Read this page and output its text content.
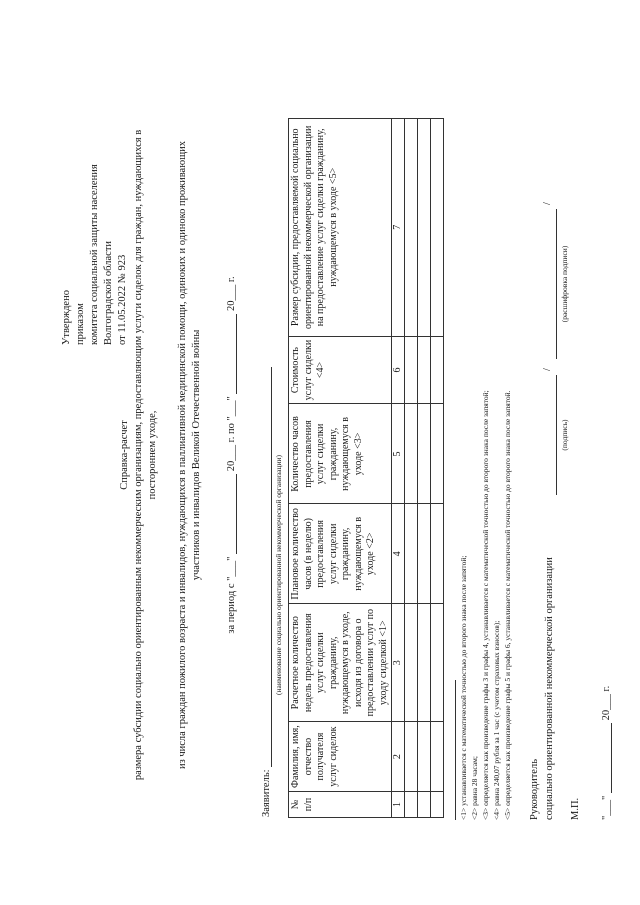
Утверждено приказом комитета социальной защиты населения Волгоградской области от 11.05.2022 № 923
Справка-расчет размера субсидии социально ориентированным некоммерческим организациям, предоставляющим услуги сиделок для граждан, нуждающихся в постороннем уходе, из числа граждан пожилого возраста и инвалидов, нуждающихся в паллиативной медицинской помощи, одиноких и одиноко проживающих участников и инвалидов Великой Отечественной войны
за период с "___"  20___ г. по "___"  20___ г.
Заявитель:
(наименование социально ориентированной некоммерческой организации)
№ п/п	Фамилия, имя, отчество получателя услуг сиделок	Расчетное количество недель предоставления услуг сиделки гражданину, нуждающемуся в уходе, исходя из договора о предоставлении услуг по уходу сиделкой <1>	Плановое количество часов (в неделю) предоставления услуг сиделки гражданину, нуждающемуся в уходе <2>	Количество часов предоставления услуг сиделки гражданину, нуждающемуся в уходе <3>	Стоимость услуг сиделки <4>	Размер субсидии, предоставляемой социально ориентированной некоммерческой организации на предоставление услуг сиделки гражданину, нуждающемуся в уходе <5>
1	2	3	4	5	6	7

<1> устанавливается с математической точностью до второго знака после запятой; <2> равна 28 часам; <3> определяется как произведение графы 3 и графы 4, устанавливается с математической точностью до второго знака после запятой; <4> равна 240,07 рубля за 1 час (с учетом страховых взносов); <5> определяется как произведение графы 5 и графы 6, устанавливается с математической точностью до второго знака после запятой. Руководитель социально ориентированной некоммерческой организации
/
/
(подпись)
(расшифровка подписи)
М.П. "___"  20___ г.
